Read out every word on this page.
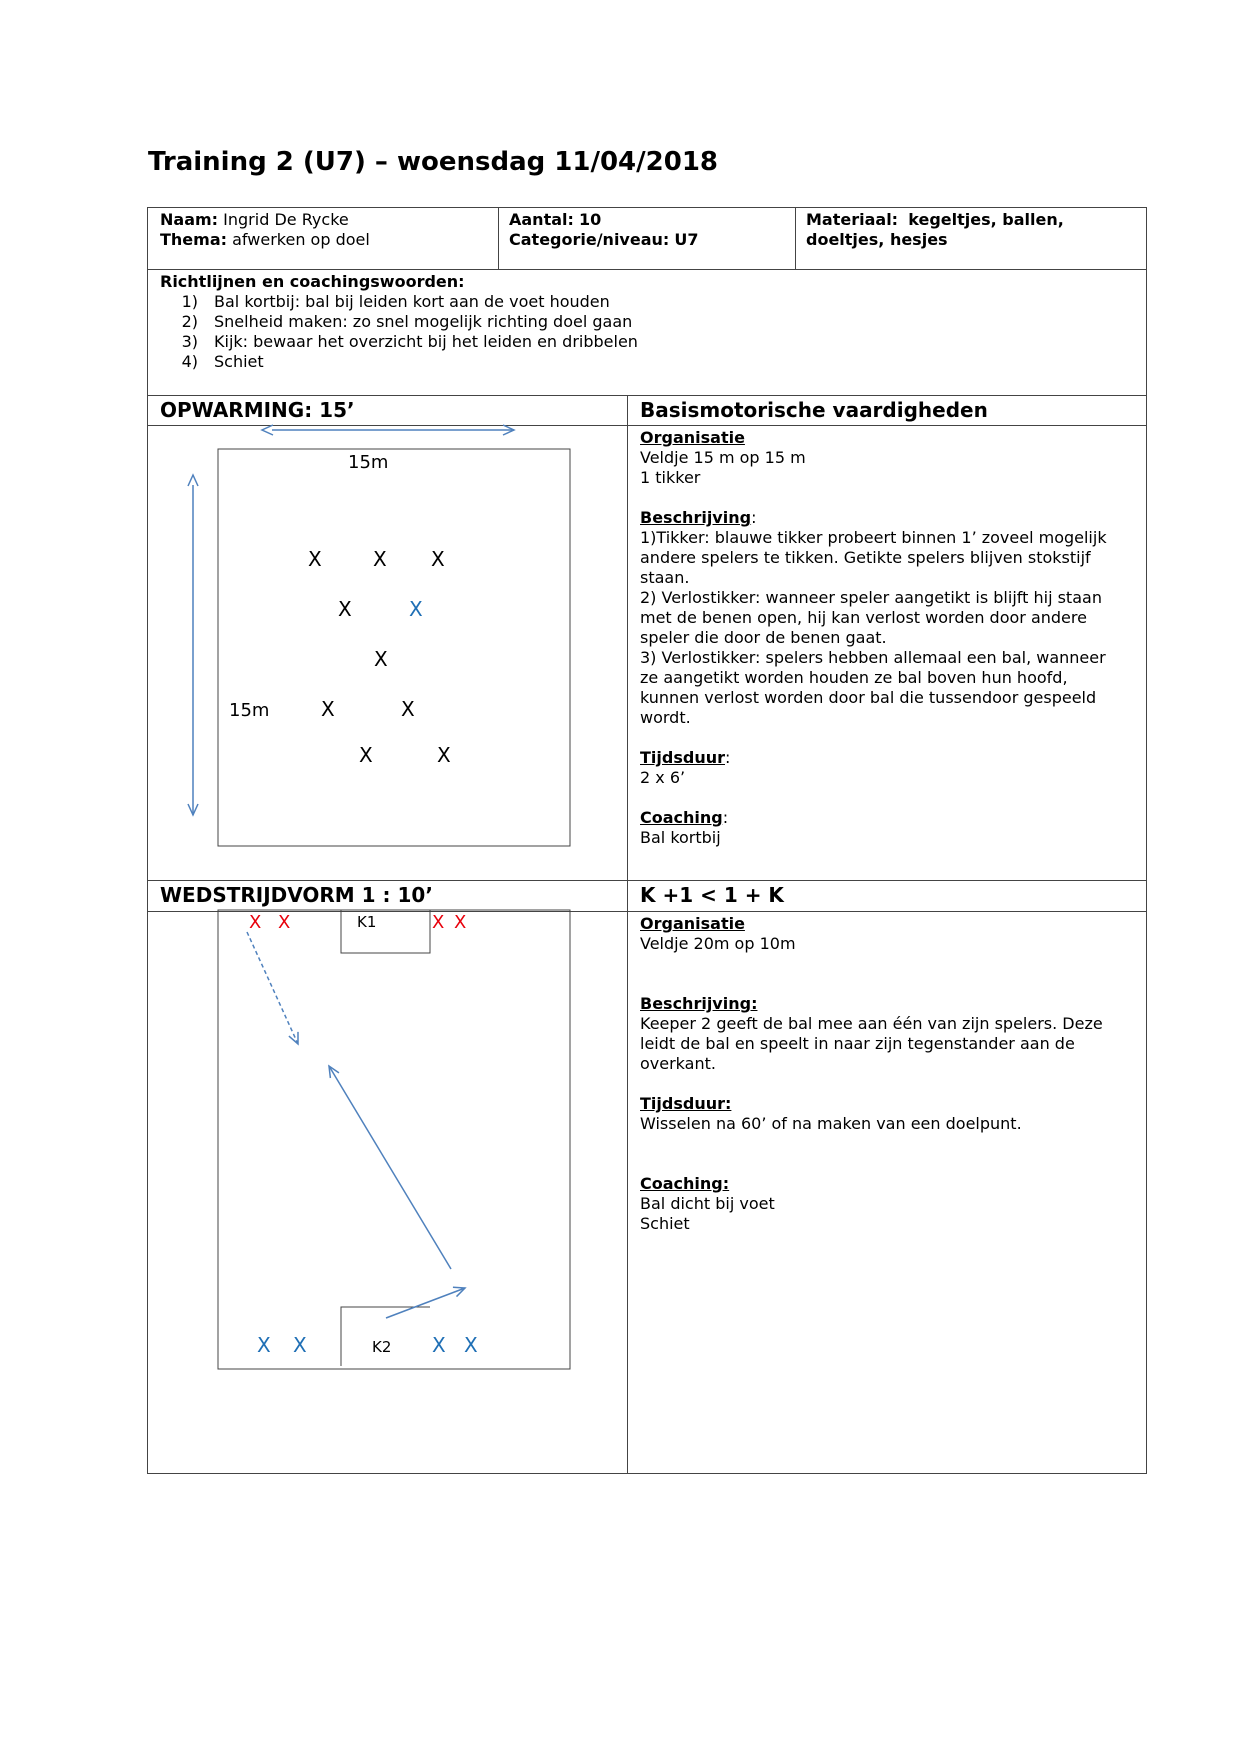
Training 2 (U7) – woensdag 11/04/2018
Naam: Ingrid De Rycke
Thema: afwerken op doel
Aantal: 10
Categorie/niveau: U7
Materiaal: kegeltjes, ballen,
doeltjes, hesjes
Richtlijnen en coachingswoorden:
1)	Bal kortbij: bal bij leiden kort aan de voet houden
2)	Snelheid maken: zo snel mogelijk richting doel gaan
3)	Kijk: bewaar het overzicht bij het leiden en dribbelen
4)	Schiet
OPWARMING: 15’	Basismotorische vaardigheden
Organisatie
Veldje 15 m op 15 m
1 tikker
Beschrijving:
1)Tikker: blauwe tikker probeert binnen 1’ zoveel mogelijk
andere spelers te tikken. Getikte spelers blijven stokstijf
staan.
2) Verlostikker: wanneer speler aangetikt is blijft hij staan
met de benen open, hij kan verlost worden door andere
speler die door de benen gaat.
3) Verlostikker: spelers hebben allemaal een bal, wanneer
ze aangetikt worden houden ze bal boven hun hoofd,
kunnen verlost worden door bal die tussendoor gespeeld
wordt.
Tijdsduur:
2 x 6’
Coaching:
Bal kortbij
WEDSTRIJDVORM 1 : 10’	K +1 < 1 + K
Organisatie
Veldje 20m op 10m
Beschrijving:
Keeper 2 geeft de bal mee aan één van zijn spelers. Deze
leidt de bal en speelt in naar zijn tegenstander aan de
overkant.
Tijdsduur:
Wisselen na 60’ of na maken van een doelpunt.
Coaching:
Bal dicht bij voet
Schiet
15m
15m
X	X X
X	X
X
X	X
X	X
K1
K2
X X	X X
X X	X X
